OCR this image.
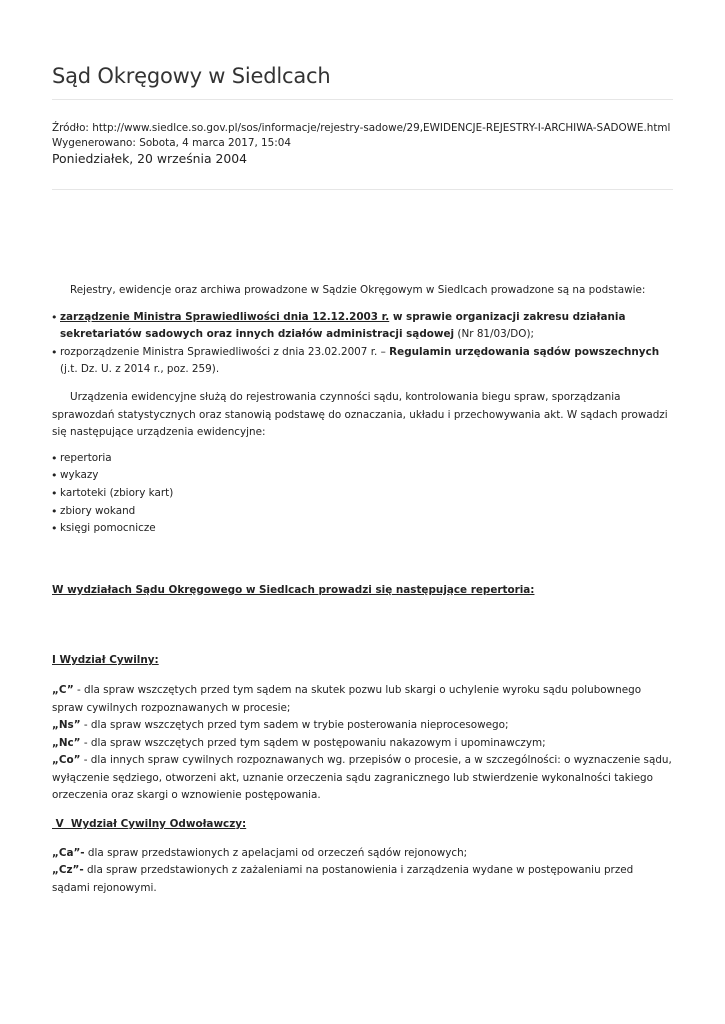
Sąd Okręgowy w Siedlcach
Źródło: http://www.siedlce.so.gov.pl/sos/informacje/rejestry-sadowe/29,EWIDENCJE-REJESTRY-I-ARCHIWA-SADOWE.html
Wygenerowano: Sobota, 4 marca 2017, 15:04
Poniedziałek, 20 września 2004

Rejestry, ewidencje oraz archiwa prowadzone w Sądzie Okręgowym w Siedlcach prowadzone są na podstawie:

• zarządzenie Ministra Sprawiedliwości dnia 12.12.2003 r. w sprawie organizacji zakresu działania sekretariatów sadowych oraz innych działów administracji sądowej (Nr 81/03/DO);
• rozporządzenie Ministra Sprawiedliwości z dnia 23.02.2007 r. – Regulamin urzędowania sądów powszechnych (j.t. Dz. U. z 2014 r., poz. 259).

Urządzenia ewidencyjne służą do rejestrowania czynności sądu, kontrolowania biegu spraw, sporządzania sprawozdań statystycznych oraz stanowią podstawę do oznaczania, układu i przechowywania akt. W sądach prowadzi się następujące urządzenia ewidencyjne:

• repertoria
• wykazy
• kartoteki (zbiory kart)
• zbiory wokand
• księgi pomocnicze

W wydziałach Sądu Okręgowego w Siedlcach prowadzi się następujące repertoria:

I Wydział Cywilny:

„C” - dla spraw wszczętych przed tym sądem na skutek pozwu lub skargi o uchylenie wyroku sądu polubownego spraw cywilnych rozpoznawanych w procesie;

„Ns” - dla spraw wszczętych przed tym sadem w trybie posterowania nieprocesowego;

„Nc” - dla spraw wszczętych przed tym sądem w postępowaniu nakazowym i upominawczym;

„Co” - dla innych spraw cywilnych rozpoznawanych wg. przepisów o procesie, a w szczególności: o wyznaczenie sądu, wyłączenie sędziego, otworzeni akt, uznanie orzeczenia sądu zagranicznego lub stwierdzenie wykonalności takiego orzeczenia oraz skargi o wznowienie postępowania.

V  Wydział Cywilny Odwoławczy:

„Ca”- dla spraw przedstawionych z apelacjami od orzeczeń sądów rejonowych;

„Cz”- dla spraw przedstawionych z zażaleniami na postanowienia i zarządzenia wydane w postępowaniu przed sądami rejonowymi.
